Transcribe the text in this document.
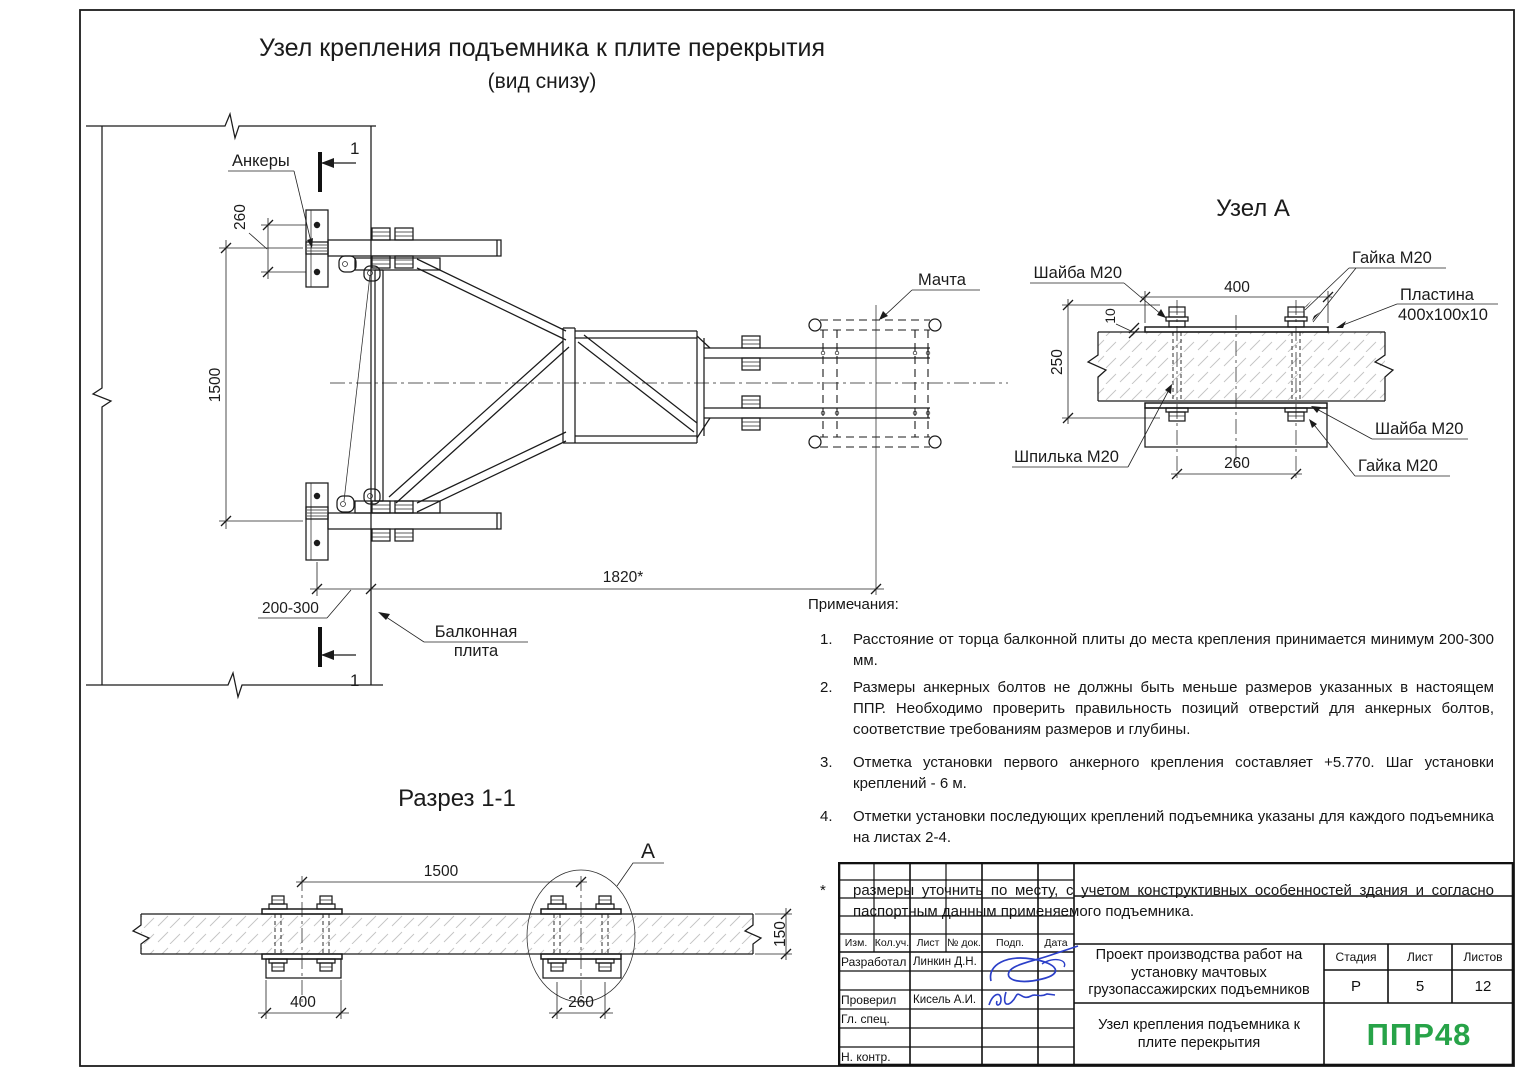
Анкеры
Мачта
Балконная
плита
1
1
260
1500
200-300
1820*
Узел А
Шайба М20
Гайка М20
Пластина
400х100х10
Шпилька М20
Шайба М20
Гайка М20
400
10
250
260
Разрез 1-1
1500
400	260
150
А
Узел крепления подъемника к плите перекрытия
(вид снизу)
Примечания:
1.	Расстояние от торца балконной плиты до места крепления принимается минимум 200-300 мм.
2.	Размеры анкерных болтов не должны быть меньше размеров указанных в настоящем ППР. Необходимо проверить правильность позиций отверстий для анкерных болтов, соответствие требованиям размеров и глубины.
3.	Отметка установки первого анкерного крепления составляет +5.770. Шаг установки креплений - 6 м.
4.	Отметки установки последующих креплений подъемника указаны для каждого подъемника на листах 2-4.
*	размеры уточнить по месту, с учетом конструктивных особенностей здания и согласно паспортным данным применяемого подъемника.
Изм. Кол.уч. Лист № док.	Подп.	Дата
Разработал Линкин Д.Н.
Проверил	Кисель А.И.
Гл. спец.
Н. контр.
Проект производства работ на установку мачтовых грузопассажирских подъемников
Стадия	Лист	Листов
Р	5	12
Узел крепления подъемника к плите перекрытия	ППР48
